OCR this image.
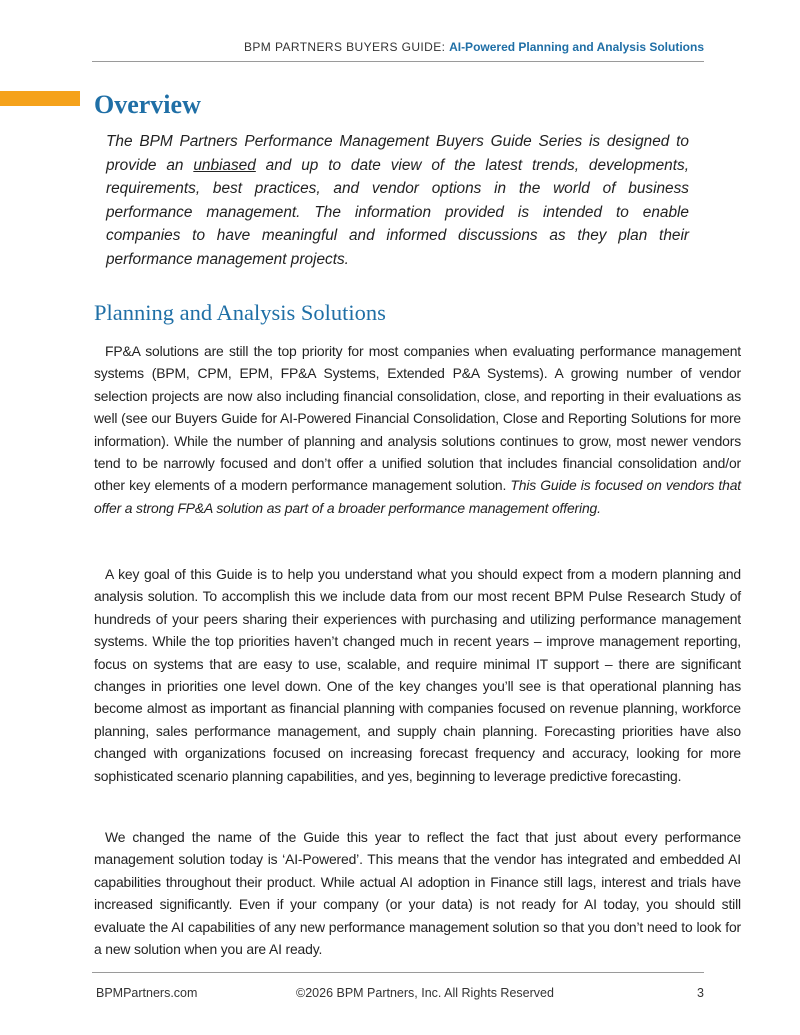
BPM PARTNERS BUYERS GUIDE: AI-Powered Planning and Analysis Solutions
Overview

The BPM Partners Performance Management Buyers Guide Series is designed to provide an unbiased and up to date view of the latest trends, developments, requirements, best practices, and vendor options in the world of business performance management. The information provided is intended to enable companies to have meaningful and informed discussions as they plan their performance management projects.

Planning and Analysis Solutions

FP&A solutions are still the top priority for most companies when evaluating performance management systems (BPM, CPM, EPM, FP&A Systems, Extended P&A Systems). A growing number of vendor selection projects are now also including financial consolidation, close, and reporting in their evaluations as well (see our Buyers Guide for AI-Powered Financial Consolidation, Close and Reporting Solutions for more information). While the number of planning and analysis solutions continues to grow, most newer vendors tend to be narrowly focused and don’t offer a unified solution that includes financial consolidation and/or other key elements of a modern performance management solution. This Guide is focused on vendors that offer a strong FP&A solution as part of a broader performance management offering.

A key goal of this Guide is to help you understand what you should expect from a modern planning and analysis solution. To accomplish this we include data from our most recent BPM Pulse Research Study of hundreds of your peers sharing their experiences with purchasing and utilizing performance management systems. While the top priorities haven’t changed much in recent years – improve management reporting, focus on systems that are easy to use, scalable, and require minimal IT support – there are significant changes in priorities one level down. One of the key changes you’ll see is that operational planning has become almost as important as financial planning with companies focused on revenue planning, workforce planning, sales performance management, and supply chain planning. Forecasting priorities have also changed with organizations focused on increasing forecast frequency and accuracy, looking for more sophisticated scenario planning capabilities, and yes, beginning to leverage predictive forecasting.

We changed the name of the Guide this year to reflect the fact that just about every performance management solution today is ‘AI-Powered’. This means that the vendor has integrated and embedded AI capabilities throughout their product. While actual AI adoption in Finance still lags, interest and trials have increased significantly. Even if your company (or your data) is not ready for AI today, you should still evaluate the AI capabilities of any new performance management solution so that you don’t need to look for a new solution when you are AI ready.

BPMPartners.com	©2026 BPM Partners, Inc. All Rights Reserved	3
